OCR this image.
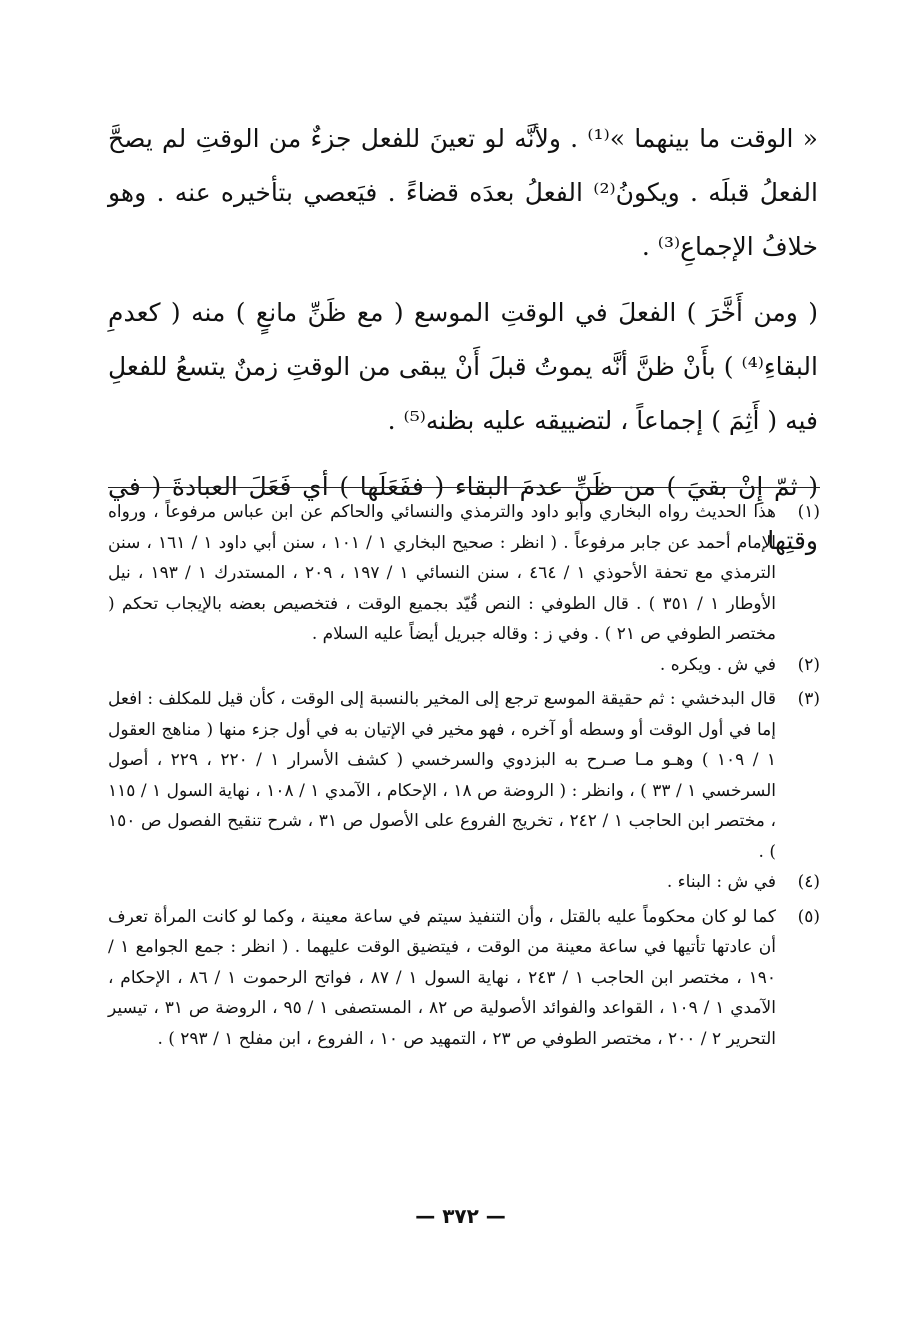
« الوقت ما بينهما »⁽¹⁾ . ولأنَّه لو تعينَ للفعل جزءٌ من الوقتِ لم يصحَّ الفعلُ قبلَه . ويكونُ⁽²⁾ الفعلُ بعدَه قضاءً . فيَعصي بتأخيره عنه . وهو خلافُ الإجماعِ⁽³⁾ .

( ومن أَخَّرَ ) الفعلَ في الوقتِ الموسع ( مع ظَنِّ مانعٍ ) منه ( كعدمِ البقاءِ⁽⁴⁾ ) بأَنْ ظنَّ أنَّه يموتُ قبلَ أَنْ يبقى من الوقتِ زمنٌ يتسعُ للفعلِ فيه ( أَثِمَ ) إجماعاً ، لتضييقه عليه بظنه⁽⁵⁾ .

( ثمّ إِنْ بقيَ ) من ظَنِّ عدمَ البقاء ( ففَعَلَها ) أي فَعَلَ العبادةَ ( في وقتِها

(١)
هذا الحديث رواه البخاري وأبو داود والترمذي والنسائي والحاكم عن ابن عباس مرفوعاً ، ورواه الإمام أحمد عن جابر مرفوعاً . ( انظر : صحيح البخاري ١ / ١٠١ ، سنن أبي داود ١ / ١٦١ ، سنن الترمذي مع تحفة الأحوذي ١ / ٤٦٤ ، سنن النسائي ١ / ١٩٧ ، ٢٠٩ ، المستدرك ١ / ١٩٣ ، نيل الأوطار ١ / ٣٥١ ) . قال الطوفي : النص قُيّد بجميع الوقت ، فتخصيص بعضه بالإيجاب تحكم ( مختصر الطوفي ص ٢١ ) . وفي ز : وقاله جبريل أيضاً عليه السلام .

(٢)
في ش . ويكره .

(٣)
قال البدخشي : ثم حقيقة الموسع ترجع إلى المخير بالنسبة إلى الوقت ، كأن قيل للمكلف : افعل إما في أول الوقت أو وسطه أو آخره ، فهو مخير في الإتيان به في أول جزء منها ( مناهج العقول ١ / ١٠٩ ) وهـو مـا صـرح به البزدوي والسرخسي ( كشف الأسرار ١ / ٢٢٠ ، ٢٢٩ ، أصول السرخسي ١ / ٣٣ ) ، وانظر : ( الروضة ص ١٨ ، الإحكام ، الآمدي ١ / ١٠٨ ، نهاية السول ١ / ١١٥ ، مختصر ابن الحاجب ١ / ٢٤٢ ، تخريج الفروع على الأصول ص ٣١ ، شرح تنقيح الفصول ص ١٥٠ ) .

(٤)
في ش : البناء .

(٥)
كما لو كان محكوماً عليه بالقتل ، وأن التنفيذ سيتم في ساعة معينة ، وكما لو كانت المرأة تعرف أن عادتها تأتيها في ساعة معينة من الوقت ، فيتضيق الوقت عليهما . ( انظر : جمع الجوامع ١ / ١٩٠ ، مختصر ابن الحاجب ١ / ٢٤٣ ، نهاية السول ١ / ٨٧ ، فواتح الرحموت ١ / ٨٦ ، الإحكام ، الآمدي ١ / ١٠٩ ، القواعد والفوائد الأصولية ص ٨٢ ، المستصفى ١ / ٩٥ ، الروضة ص ٣١ ، تيسير التحرير ٢ / ٢٠٠ ، مختصر الطوفي ص ٢٣ ، التمهيد ص ١٠ ، الفروع ، ابن مفلح ١ / ٢٩٣ ) .

— ٣٧٢ —
